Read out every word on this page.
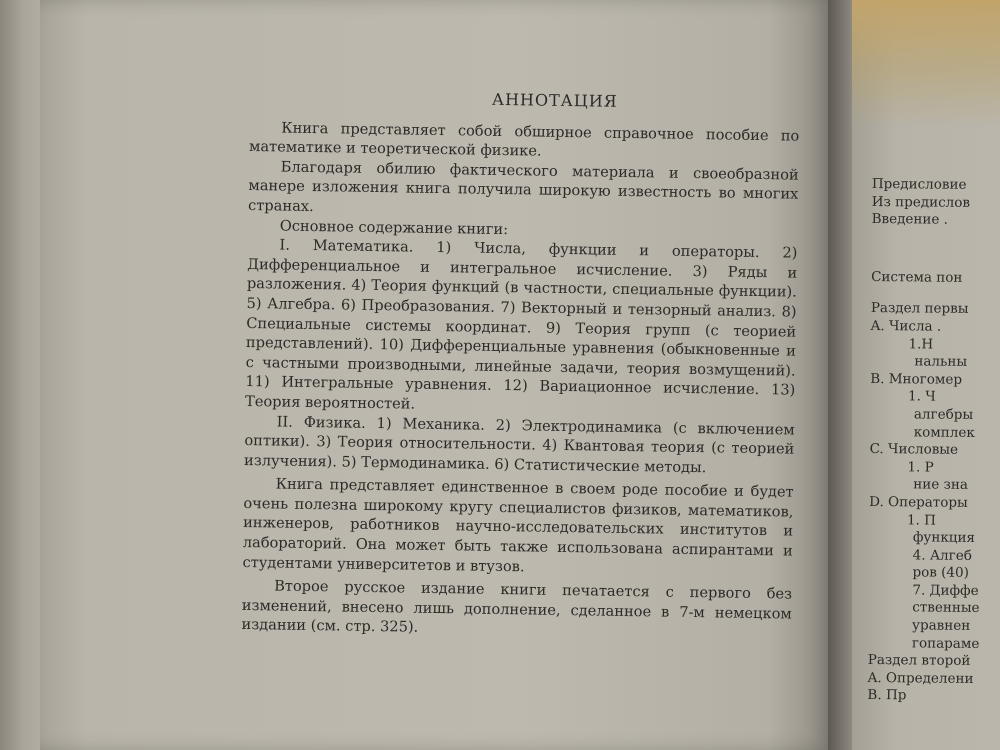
АННОТАЦИЯ

Книга представляет собой обширное справочное пособие по математике и теоретической физике.

Благодаря обилию фактического материала и своеобразной манере изложения книга получила широкую известность во многих странах.

Основное содержание книги:

I. Математика. 1) Числа, функции и операторы. 2) Дифференциальное и интегральное исчисление. 3) Ряды и разложения. 4) Теория функций (в частности, специальные функции). 5) Алгебра. 6) Преобразования. 7) Векторный и тензорный анализ. 8) Специальные системы координат. 9) Теория групп (с теорией представлений). 10) Дифференциальные уравнения (обыкновенные и с частными производными, линейные задачи, теория возмущений). 11) Интегральные уравнения. 12) Вариационное исчисление. 13) Теория вероятностей.

II. Физика. 1) Механика. 2) Электродинамика (с включением оптики). 3) Теория относительности. 4) Квантовая теория (с теорией излучения). 5) Термодинамика. 6) Статистические методы.

Книга представляет единственное в своем роде пособие и будет очень полезна широкому кругу специалистов физиков, математиков, инженеров, работников научно-исследовательских институтов и лабораторий. Она может быть также использована аспирантами и студентами университетов и втузов.

Второе русское издание книги печатается с первого без изменений, внесено лишь дополнение, сделанное в 7-м немецком издании (см. стр. 325).

Предисловие
Из предислов
Введение .
Система пон
Раздел первы
A. Числа .
1.Н
нальны
B. Многомер
1. Ч
алгебры
комплек
C. Числовые
1. Р
ние зна
D. Операторы
1. П
функция
4. Алгеб
ров (40)
7. Диффе
ственные
уравнен
гопараме
Раздел второй
A. Определени
B. Пр
